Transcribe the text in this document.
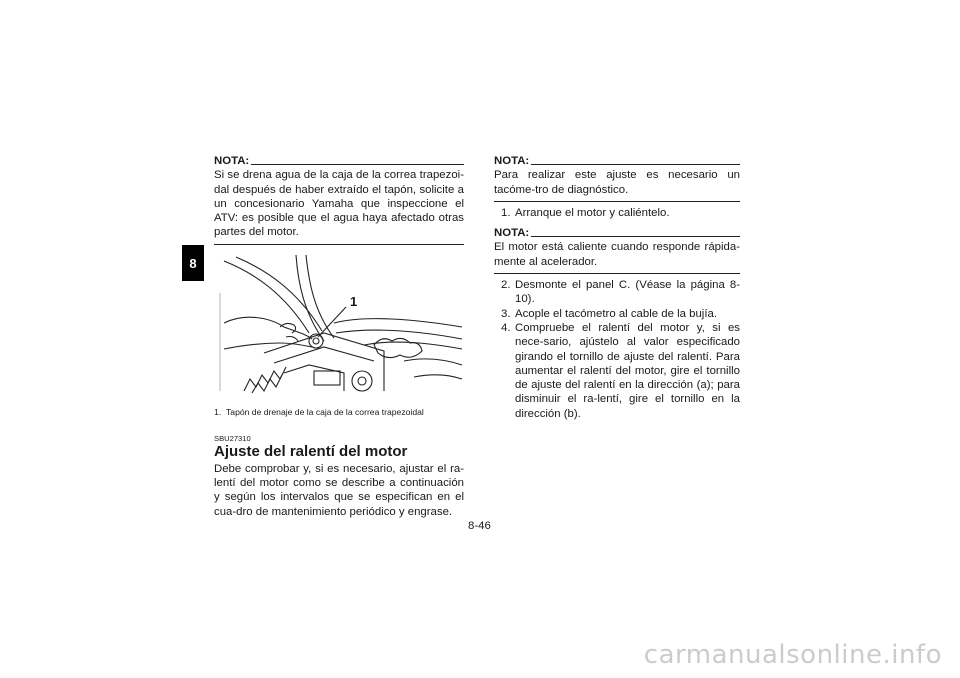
8
NOTA:

Si se drena agua de la caja de la correa trapezoi-dal después de haber extraído el tapón, solicite a un concesionario Yamaha que inspeccione el ATV: es posible que el agua haya afectado otras partes del motor.

1
1. Tapón de drenaje de la caja de la correa trapezoidal
SBU27310
Ajuste del ralentí del motor

Debe comprobar y, si es necesario, ajustar el ra-lentí del motor como se describe a continuación y según los intervalos que se especifican en el cua-dro de mantenimiento periódico y engrase.

NOTA:

Para realizar este ajuste es necesario un tacóme-tro de diagnóstico.

1. Arranque el motor y caliéntelo.
NOTA:

El motor está caliente cuando responde rápida-mente al acelerador.

2. Desmonte el panel C. (Véase la página 8-10).
3. Acople el tacómetro al cable de la bujía.
4. Compruebe el ralentí del motor y, si es nece-sario, ajústelo al valor especificado girando el tornillo de ajuste del ralentí. Para aumentar el ralentí del motor, gire el tornillo de ajuste del ralentí en la dirección (a); para disminuir el ra-lentí, gire el tornillo en la dirección (b).
8-46
carmanualsonline.info
